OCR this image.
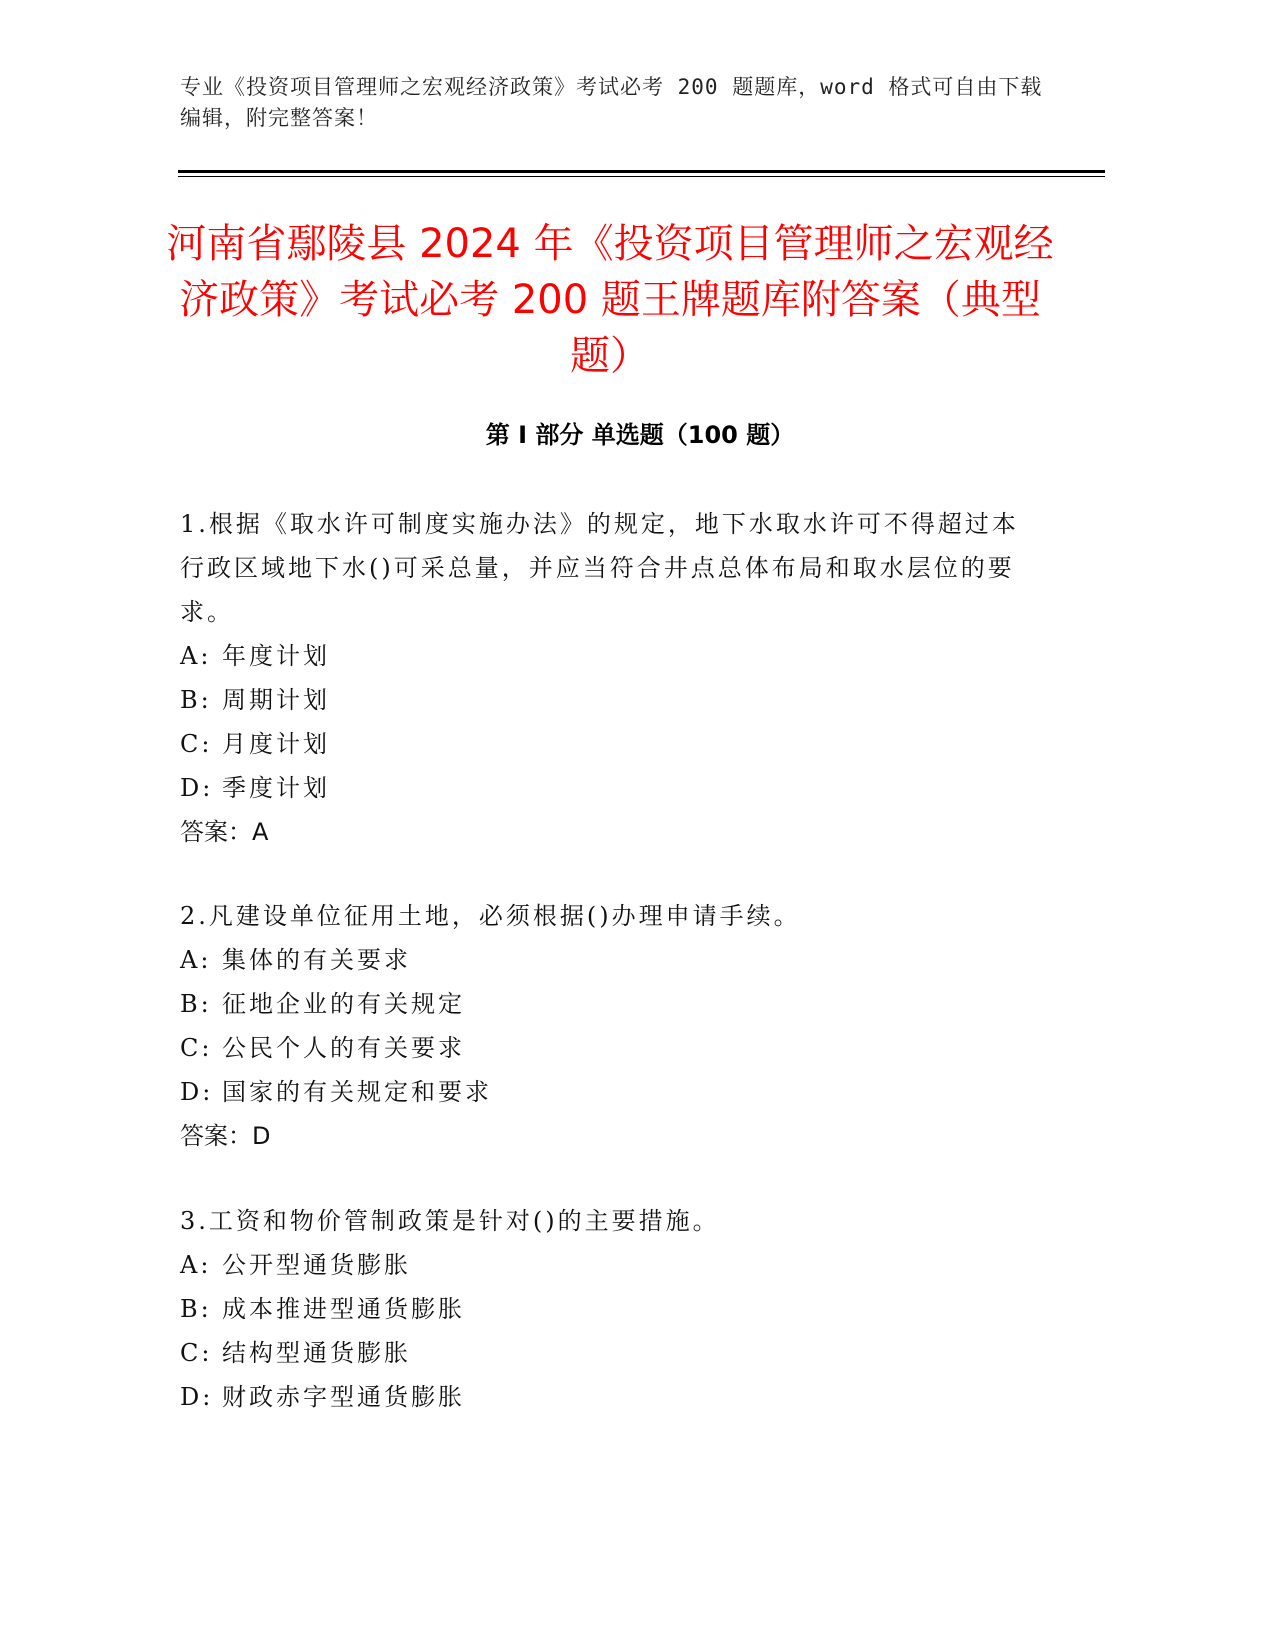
专业《投资项目管理师之宏观经济政策》考试必考 200 题题库，word 格式可自由下载编辑，附完整答案！
河南省鄢陵县 2024 年《投资项目管理师之宏观经济政策》考试必考 200 题王牌题库附答案（典型题）
第 I 部分 单选题（100 题）

1.根据《取水许可制度实施办法》的规定，地下水取水许可不得超过本行政区域地下水()可采总量，并应当符合井点总体布局和取水层位的要求。

A: 年度计划

B: 周期计划

C: 月度计划

D: 季度计划

答案：A

2.凡建设单位征用土地，必须根据()办理申请手续。

A: 集体的有关要求

B: 征地企业的有关规定

C: 公民个人的有关要求

D: 国家的有关规定和要求

答案：D

3.工资和物价管制政策是针对()的主要措施。

A: 公开型通货膨胀

B: 成本推进型通货膨胀

C: 结构型通货膨胀

D: 财政赤字型通货膨胀
